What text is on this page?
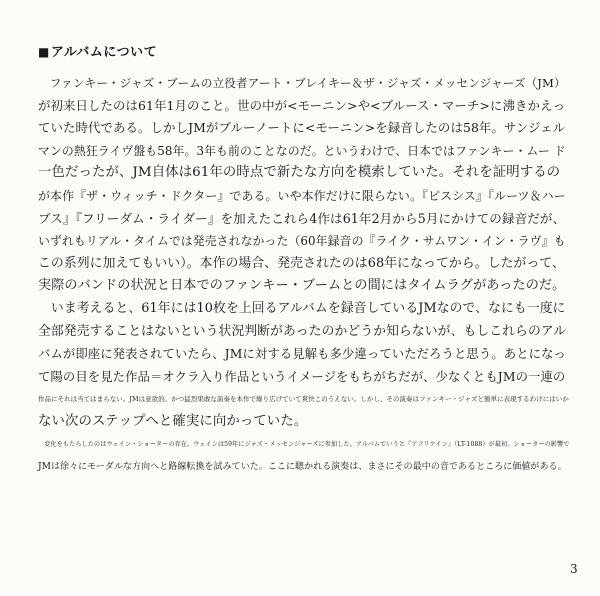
■アルバムについて
　ファンキー・ジャズ・ブームの立役者アート・ブレイキー＆ザ・ジャズ・メッセンジャーズ（JM）
が初来日したのは61年1月のこと。世の中が<モーニン>や<ブルース・マーチ>に沸きかえっ
ていた時代である。しかしJMがブルーノートに<モーニン>を録音したのは58年。サンジェル
マンの熱狂ライヴ盤も58年。3年も前のことなのだ。というわけで、日本ではファンキー・ムー ド
一色だったが、JM自体は61年の時点で新たな方向を模索していた。それを証明するの
が本作『ザ・ウィッチ・ドクター』である。いや本作だけに限らない。『ピスシス』『ルーツ＆ハー
ブス』『フリーダム・ライダー』を加えたこれら4作は61年2月から5月にかけての録音だが、
いずれもリアル・タイムでは発売されなかった（60年録音の『ライク・サムワン・イン・ラヴ』も
この系列に加えてもいい）。本作の場合、発売されたのは68年になってから。したがって、
実際のバンドの状況と日本でのファンキー・ブームとの間にはタイムラグがあったのだ。
　いま考えると、61年には10枚を上回るアルバムを録音しているJMなので、なにも一度に
全部発売することはないという状況判断があったのかどうか知らないが、もしこれらのアル
バムが即座に発表されていたら、JMに対する見解も多少違っていただろうと思う。あとになっ
て陽の目を見た作品＝オクラ入り作品というイメージをもちがちだが、少なくともJMの一連の
作品にそれは当てはまらない。JMは意欲的、かつ猛烈果敢な演奏を本作で繰り広げていて爽快このうえない。しかし、その演奏はファンキー・ジャズと簡単に表現するわけにはいか
ない次のステップへと確実に向かっていた。
　変化をもたらしたのはウェイン・ショーターの存在。ウェインは59年にジャズ・メッセンジャーズに参加した。アルバムでいうと『アフリケイン』（LT-1088）が最初。ショーターの影響で
JMは徐々にモーダルな方向へと路線転換を試みていた。ここに聴かれる演奏は、まさにその最中の音であるところに価値がある。
3
